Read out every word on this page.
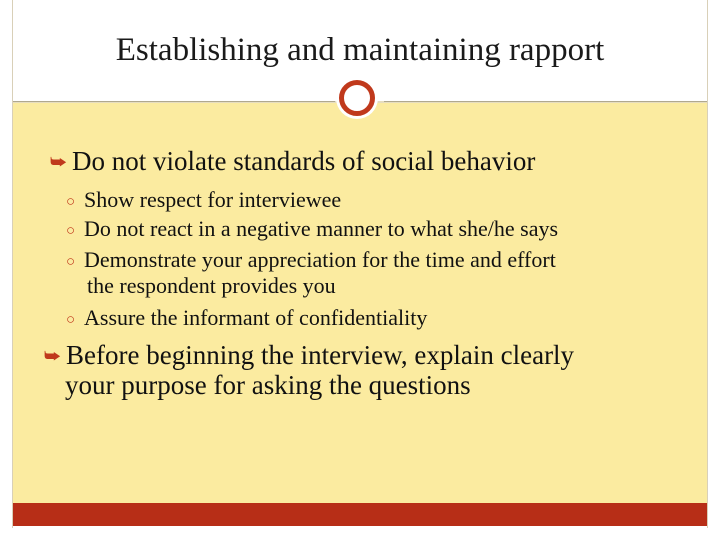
Establishing and maintaining rapport
⮩ Do not violate standards of social behavior
○ Show respect for interviewee
○ Do not react in a negative manner to what she/he says
○ Demonstrate your appreciation for the time and effort
the respondent provides you
○ Assure the informant of confidentiality
⮩ Before beginning the interview, explain clearly
your purpose for asking the questions
